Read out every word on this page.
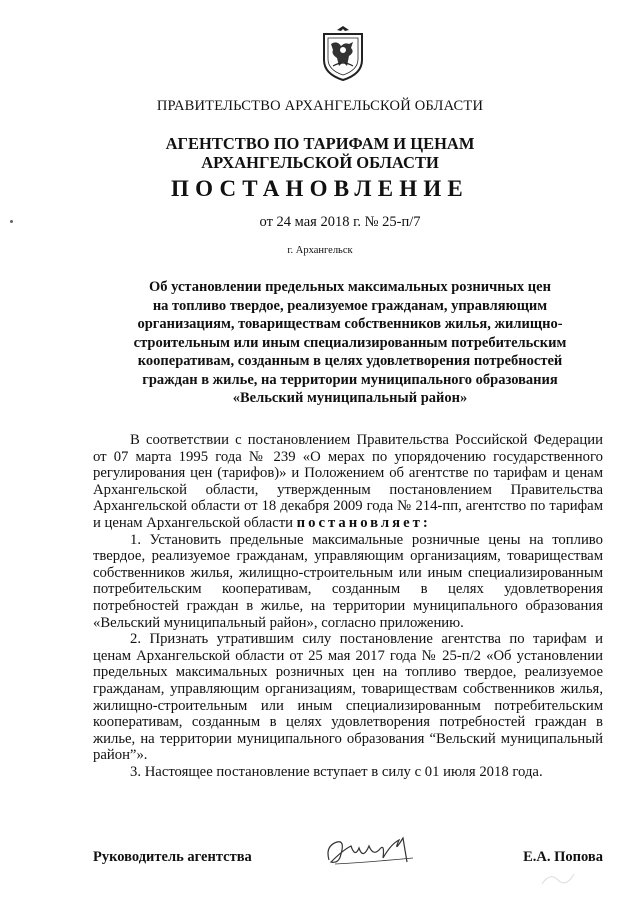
ПРАВИТЕЛЬСТВО АРХАНГЕЛЬСКОЙ ОБЛАСТИ
АГЕНТСТВО ПО ТАРИФАМ И ЦЕНАМ
АРХАНГЕЛЬСКОЙ ОБЛАСТИ
ПОСТАНОВЛЕНИЕ
от 24 мая 2018 г. № 25-п/7
г. Архангельск
Об установлении предельных максимальных розничных цен
на топливо твердое, реализуемое гражданам, управляющим
организациям, товариществам собственников жилья, жилищно-
строительным или иным специализированным потребительским
кооперативам, созданным в целях удовлетворения потребностей
граждан в жилье, на территории муниципального образования
«Вельский муниципальный район»

В соответствии с постановлением Правительства Российской Федерации от 07 марта 1995 года № 239 «О мерах по упорядочению государственного регулирования цен (тарифов)» и Положением об агентстве по тарифам и ценам Архангельской области, утвержденным постановлением Правительства Архангельской области от 18 декабря 2009 года № 214-пп, агентство по тарифам и ценам Архангельской области постановляет:

1. Установить предельные максимальные розничные цены на топливо твердое, реализуемое гражданам, управляющим организациям, товариществам собственников жилья, жилищно-строительным или иным специализированным потребительским кооперативам, созданным в целях удовлетворения потребностей граждан в жилье, на территории муниципального образования «Вельский муниципальный район», согласно приложению.

2. Признать утратившим силу постановление агентства по тарифам и ценам Архангельской области от 25 мая 2017 года № 25-п/2 «Об установлении предельных максимальных розничных цен на топливо твердое, реализуемое гражданам, управляющим организациям, товариществам собственников жилья, жилищно-строительным или иным специализированным потребительским кооперативам, созданным в целях удовлетворения потребностей граждан в жилье, на территории муниципального образования “Вельский муниципальный район”».

3. Настоящее постановление вступает в силу с 01 июля 2018 года.

Руководитель агентства	Е.А. Попова
